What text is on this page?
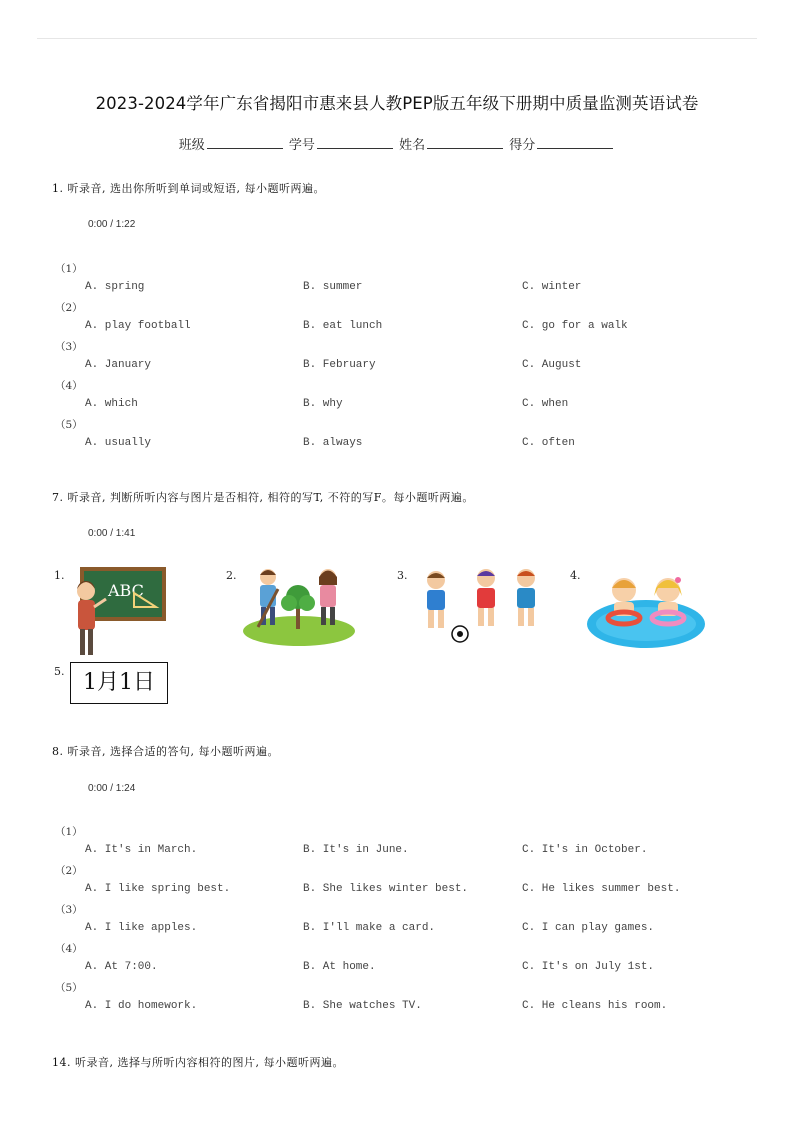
2023-2024学年广东省揭阳市惠来县人教PEP版五年级下册期中质量监测英语试卷
班级	学号	姓名	得分
1. 听录音, 选出你所听到单词或短语, 每小题听两遍。
0:00 / 1:22
（1）
A. spring	B. summer	C. winter
（2）
A. play football	B. eat lunch	C. go for a walk
（3）
A. January	B. February	C. August
（4）
A. which	B. why	C. when
（5）
A. usually	B. always	C. often
7. 听录音, 判断所听内容与图片是否相符, 相符的写T, 不符的写F。每小题听两遍。
0:00 / 1:41
1.
ABC
2.	3.	4.
5. 1月1日
8. 听录音, 选择合适的答句, 每小题听两遍。
0:00 / 1:24
（1）
A. It's in March.	B. It's in June.	C. It's in October.
（2）
A. I like spring best.	B. She likes winter best.	C. He likes summer best.
（3）
A. I like apples.	B. I'll make a card.	C. I can play games.
（4）
A. At 7:00.	B. At home.	C. It's on July 1st.
（5）
A. I do homework.	B. She watches TV.	C. He cleans his room.
14. 听录音, 选择与所听内容相符的图片, 每小题听两遍。
